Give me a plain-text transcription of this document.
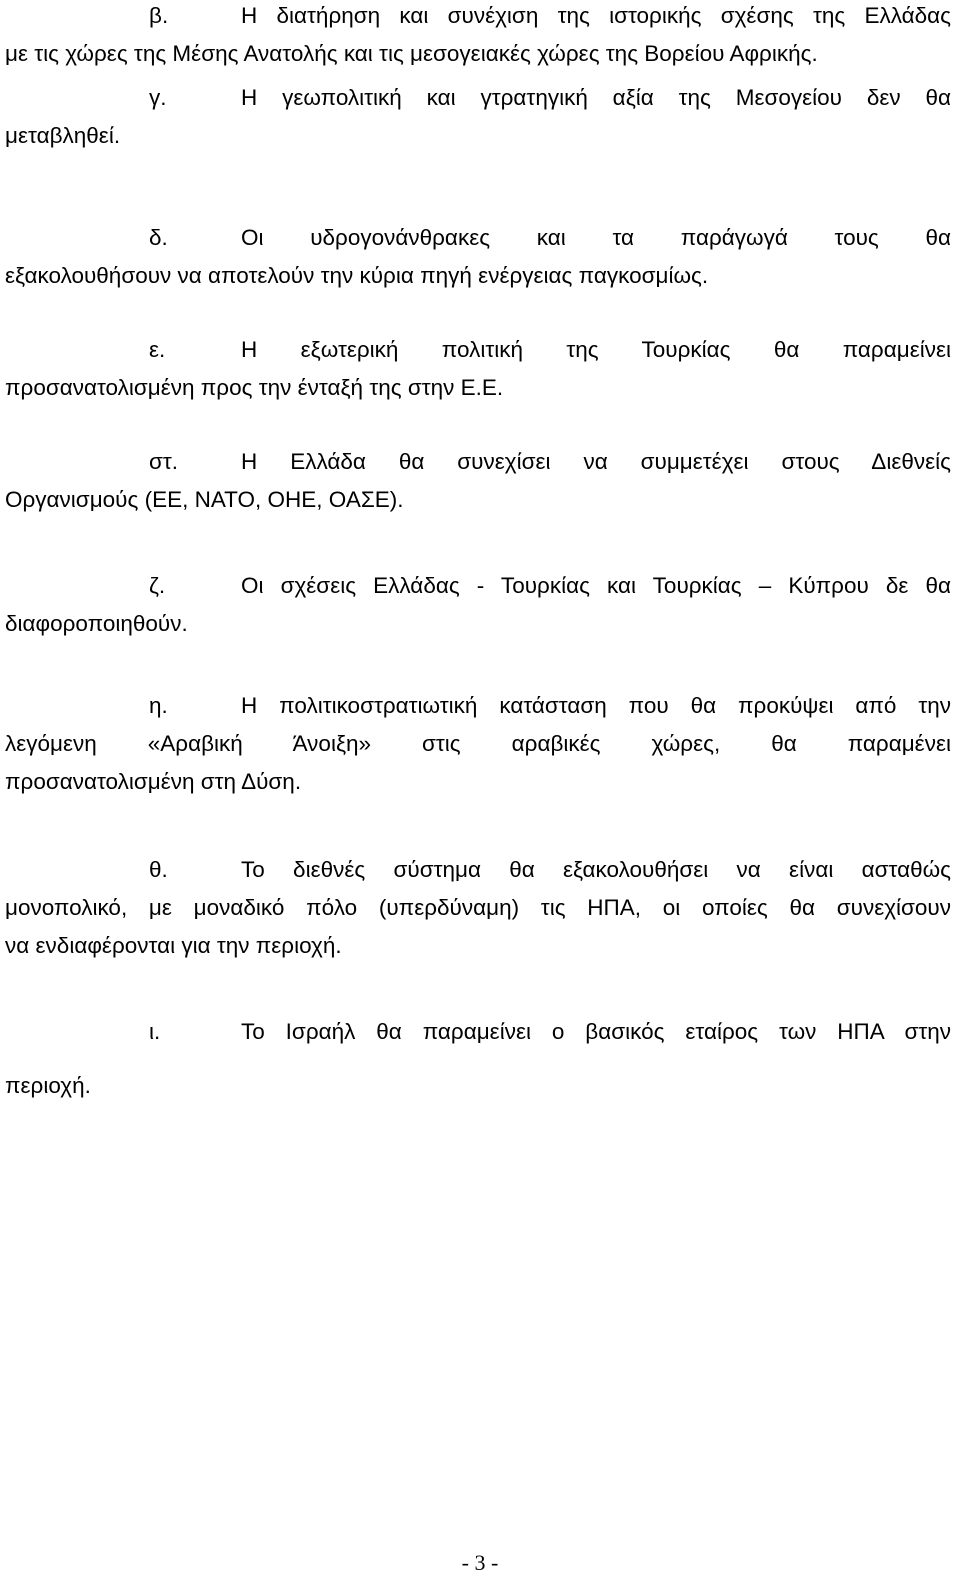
β.	Η διατήρηση και συνέχιση της ιστορικής σχέσης της Ελλάδας
με τις χώρες της Μέσης Ανατολής και τις μεσογειακές χώρες της Βορείου Αφρικής.
γ.	Η γεωπολιτική και γτρατηγική αξία της Μεσογείου δεν θα
μεταβληθεί.
δ.	Οι υδρογονάνθρακες και τα παράγωγά τους θα
εξακολουθήσουν να αποτελούν την κύρια πηγή ενέργειας παγκοσμίως.
ε.	Η εξωτερική πολιτική της Τουρκίας θα παραμείνει
προσανατολισμένη προς την ένταξή της στην Ε.Ε.
στ.	Η Ελλάδα θα συνεχίσει να συμμετέχει στους Διεθνείς
Οργανισμούς (ΕΕ, ΝΑΤΟ, ΟΗΕ, ΟΑΣΕ).
ζ.	Οι σχέσεις Ελλάδας - Τουρκίας και Τουρκίας – Κύπρου δε θα
διαφοροποιηθούν.
η.	Η πολιτικοστρατιωτική κατάσταση που θα προκύψει από την
λεγόμενη «Αραβική Άνοιξη» στις αραβικές χώρες, θα παραμένει
προσανατολισμένη στη Δύση.
θ.	Το διεθνές σύστημα θα εξακολουθήσει να είναι ασταθώς
μονοπολικό, με μοναδικό πόλο (υπερδύναμη) τις ΗΠΑ, οι οποίες θα συνεχίσουν
να ενδιαφέρονται για την περιοχή.
ι.	Το Ισραήλ θα παραμείνει ο βασικός εταίρος των ΗΠΑ στην
περιοχή.
- 3 -
